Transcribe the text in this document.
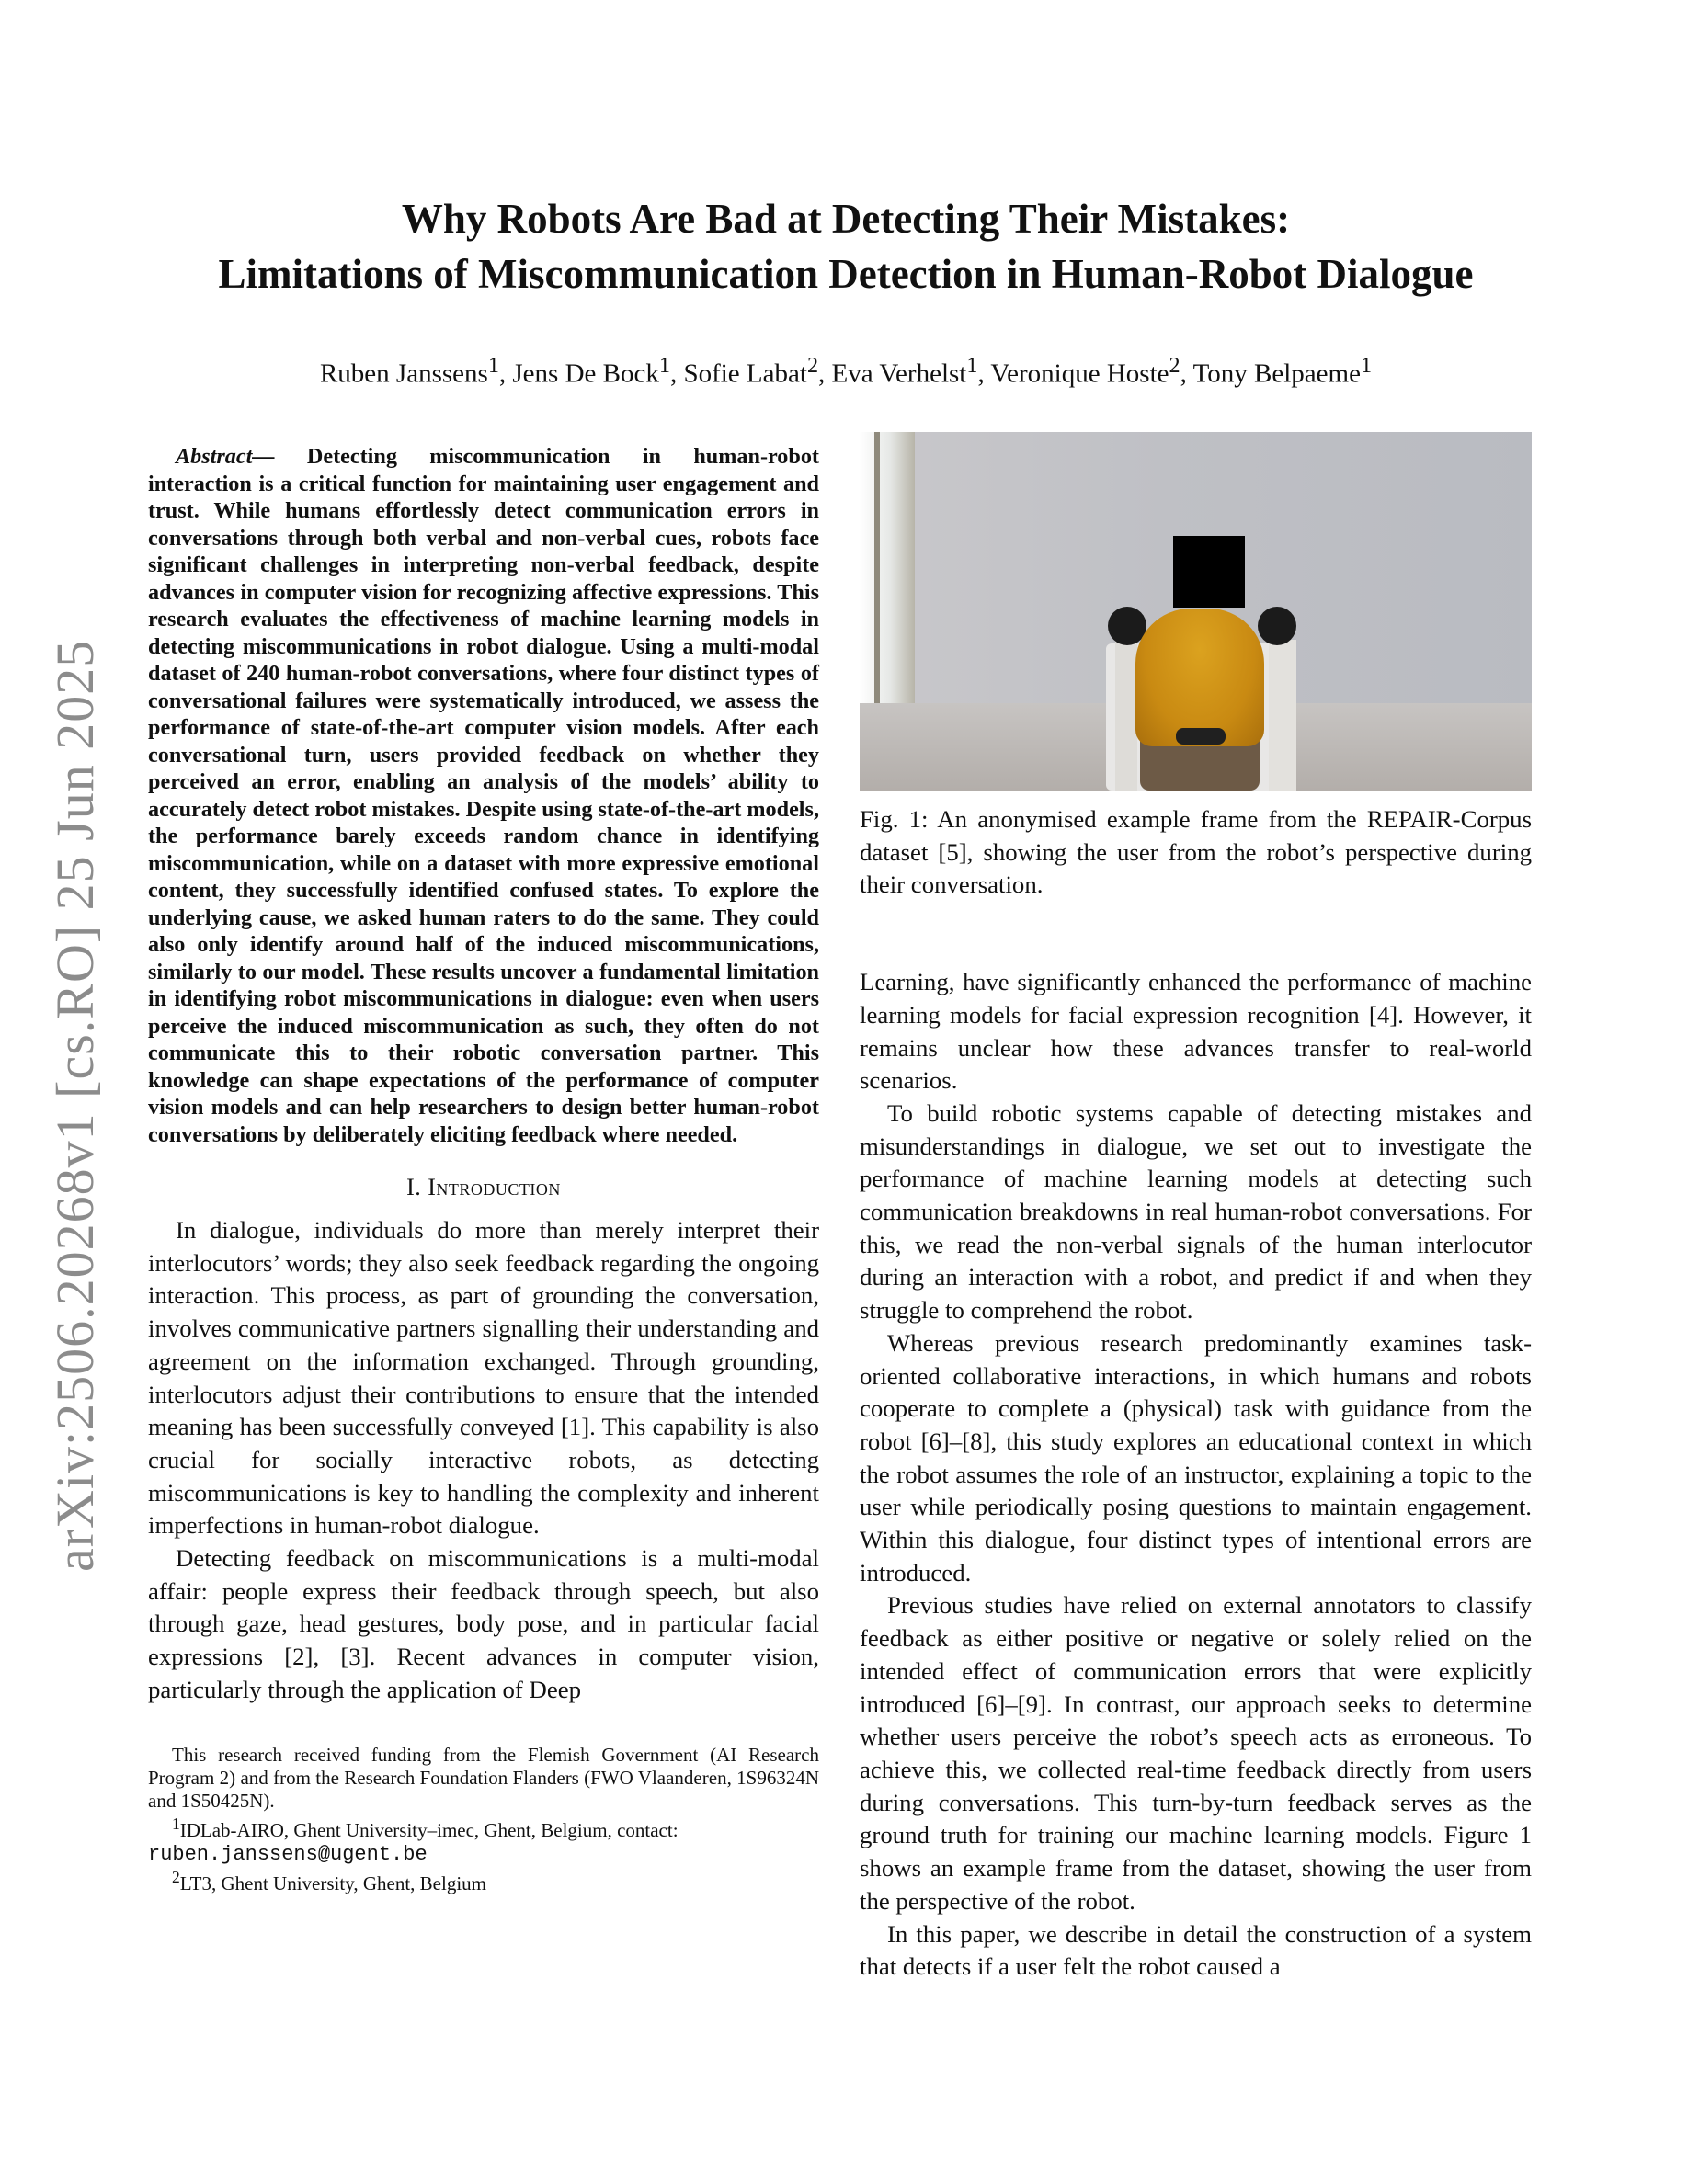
arXiv:2506.20268v1 [cs.RO] 25 Jun 2025
Why Robots Are Bad at Detecting Their Mistakes:
Limitations of Miscommunication Detection in Human-Robot Dialogue
Ruben Janssens$^1$, Jens De Bock$^1$, Sofie Labat$^2$, Eva Verhelst$^1$, Veronique Hoste$^2$, Tony Belpaeme$^1$

Abstract— Detecting miscommunication in human-robot interaction is a critical function for maintaining user engagement and trust. While humans effortlessly detect communication errors in conversations through both verbal and non-verbal cues, robots face significant challenges in interpreting non-verbal feedback, despite advances in computer vision for recognizing affective expressions. This research evaluates the effectiveness of machine learning models in detecting miscommunications in robot dialogue. Using a multi-modal dataset of 240 human-robot conversations, where four distinct types of conversational failures were systematically introduced, we assess the performance of state-of-the-art computer vision models. After each conversational turn, users provided feedback on whether they perceived an error, enabling an analysis of the models’ ability to accurately detect robot mistakes. Despite using state-of-the-art models, the performance barely exceeds random chance in identifying miscommunication, while on a dataset with more expressive emotional content, they successfully identified confused states. To explore the underlying cause, we asked human raters to do the same. They could also only identify around half of the induced miscommunications, similarly to our model. These results uncover a fundamental limitation in identifying robot miscommunications in dialogue: even when users perceive the induced miscommunication as such, they often do not communicate this to their robotic conversation partner. This knowledge can shape expectations of the performance of computer vision models and can help researchers to design better human-robot conversations by deliberately eliciting feedback where needed.

I. Introduction

In dialogue, individuals do more than merely interpret their interlocutors’ words; they also seek feedback regarding the ongoing interaction. This process, as part of grounding the conversation, involves communicative partners signalling their understanding and agreement on the information exchanged. Through grounding, interlocutors adjust their contributions to ensure that the intended meaning has been successfully conveyed [1]. This capability is also crucial for socially interactive robots, as detecting miscommunications is key to handling the complexity and inherent imperfections in human-robot dialogue.

Detecting feedback on miscommunications is a multi-modal affair: people express their feedback through speech, but also through gaze, head gestures, body pose, and in particular facial expressions [2], [3]. Recent advances in computer vision, particularly through the application of Deep

This research received funding from the Flemish Government (AI Research Program 2) and from the Research Foundation Flanders (FWO Vlaanderen, 1S96324N and 1S50425N).

$^1$IDLab-AIRO, Ghent University–imec, Ghent, Belgium, contact:

ruben.janssens@ugent.be

$^2$LT3, Ghent University, Ghent, Belgium

Fig. 1: An anonymised example frame from the REPAIR-Corpus dataset [5], showing the user from the robot’s perspective during their conversation.

Learning, have significantly enhanced the performance of machine learning models for facial expression recognition [4]. However, it remains unclear how these advances transfer to real-world scenarios.

To build robotic systems capable of detecting mistakes and misunderstandings in dialogue, we set out to investigate the performance of machine learning models at detecting such communication breakdowns in real human-robot conversations. For this, we read the non-verbal signals of the human interlocutor during an interaction with a robot, and predict if and when they struggle to comprehend the robot.

Whereas previous research predominantly examines task-oriented collaborative interactions, in which humans and robots cooperate to complete a (physical) task with guidance from the robot [6]–[8], this study explores an educational context in which the robot assumes the role of an instructor, explaining a topic to the user while periodically posing questions to maintain engagement. Within this dialogue, four distinct types of intentional errors are introduced.

Previous studies have relied on external annotators to classify feedback as either positive or negative or solely relied on the intended effect of communication errors that were explicitly introduced [6]–[9]. In contrast, our approach seeks to determine whether users perceive the robot’s speech acts as erroneous. To achieve this, we collected real-time feedback directly from users during conversations. This turn-by-turn feedback serves as the ground truth for training our machine learning models. Figure 1 shows an example frame from the dataset, showing the user from the perspective of the robot.

In this paper, we describe in detail the construction of a system that detects if a user felt the robot caused a
